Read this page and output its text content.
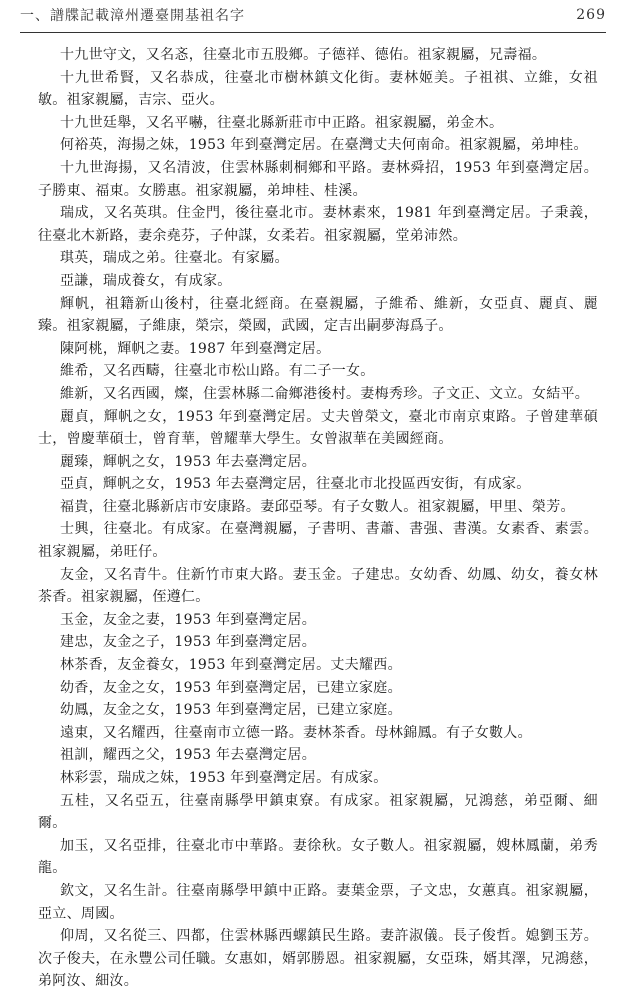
一、譜牒記載漳州遷臺開基祖名字	269

十九世守文，又名忞，往臺北市五股鄉。子德祥、德佑。祖家親屬，兄壽福。

十九世希賢，又名恭成，往臺北市樹林鎮文化街。妻林姬美。子祖祺、立維，女祖敏。祖家親屬，吉宗、亞火。

十九世廷舉，又名平嚇，往臺北縣新莊市中正路。祖家親屬，弟金木。

何裕英，海揚之妹，1953 年到臺灣定居。在臺灣丈夫何南命。祖家親屬，弟坤桂。

十九世海揚，又名清波，住雲林縣刺桐鄉和平路。妻林舜招，1953 年到臺灣定居。子勝東、福東。女勝惠。祖家親屬，弟坤桂、桂溪。

瑞成，又名英琪。住金門，後往臺北市。妻林素來，1981 年到臺灣定居。子秉義，往臺北木新路，妻余堯芬，子仲謀，女柔若。祖家親屬，堂弟沛然。

琪英，瑞成之弟。往臺北。有家屬。

亞謙，瑞成養女，有成家。

輝帆，祖籍新山後村，往臺北經商。在臺親屬，子維希、維新，女亞貞、麗貞、麗臻。祖家親屬，子維康，榮宗，榮國，武國，定吉出嗣夢海爲子。

陳阿桃，輝帆之妻。1987 年到臺灣定居。

維希，又名西疇，往臺北市松山路。有二子一女。

維新，又名西國，燦，住雲林縣二侖鄉港後村。妻梅秀珍。子文正、文立。女結平。

麗貞，輝帆之女，1953 年到臺灣定居。丈夫曾榮文，臺北市南京東路。子曾建華碩士，曾慶華碩士，曾育華，曾耀華大學生。女曾淑華在美國經商。

麗臻，輝帆之女，1953 年去臺灣定居。

亞貞，輝帆之女，1953 年去臺灣定居，往臺北市北投區西安街，有成家。

福貴，往臺北縣新店市安康路。妻邱亞琴。有子女數人。祖家親屬，甲里、榮芳。

士興，往臺北。有成家。在臺灣親屬，子書明、書蕭、書强、書漢。女素香、素雲。祖家親屬，弟旺仔。

友金，又名青牛。住新竹市東大路。妻玉金。子建忠。女幼香、幼鳳、幼女，養女林茶香。祖家親屬，侄遵仁。

玉金，友金之妻，1953 年到臺灣定居。

建忠，友金之子，1953 年到臺灣定居。

林茶香，友金養女，1953 年到臺灣定居。丈夫耀西。

幼香，友金之女，1953 年到臺灣定居，已建立家庭。

幼鳳，友金之女，1953 年到臺灣定居，已建立家庭。

遠東，又名耀西，往臺南市立德一路。妻林茶香。母林錦鳳。有子女數人。

祖訓，耀西之父，1953 年去臺灣定居。

林彩雲，瑞成之妹，1953 年到臺灣定居。有成家。

五桂，又名亞五，往臺南縣學甲鎮東寮。有成家。祖家親屬，兄鴻慈，弟亞爾、細爾。

加玉，又名亞排，往臺北市中華路。妻徐秋。女子數人。祖家親屬，嫂林鳳蘭，弟秀龍。

欽文，又名生計。往臺南縣學甲鎮中正路。妻葉金票，子文忠，女蕙真。祖家親屬，亞立、周國。

仰周，又名從三、四都，住雲林縣西螺鎮民生路。妻許淑儀。長子俊哲。媳劉玉芳。次子俊夫，在永豐公司任職。女惠如，婿郭勝恩。祖家親屬，女亞珠，婿其澤，兄鴻慈，弟阿汝、細汝。
